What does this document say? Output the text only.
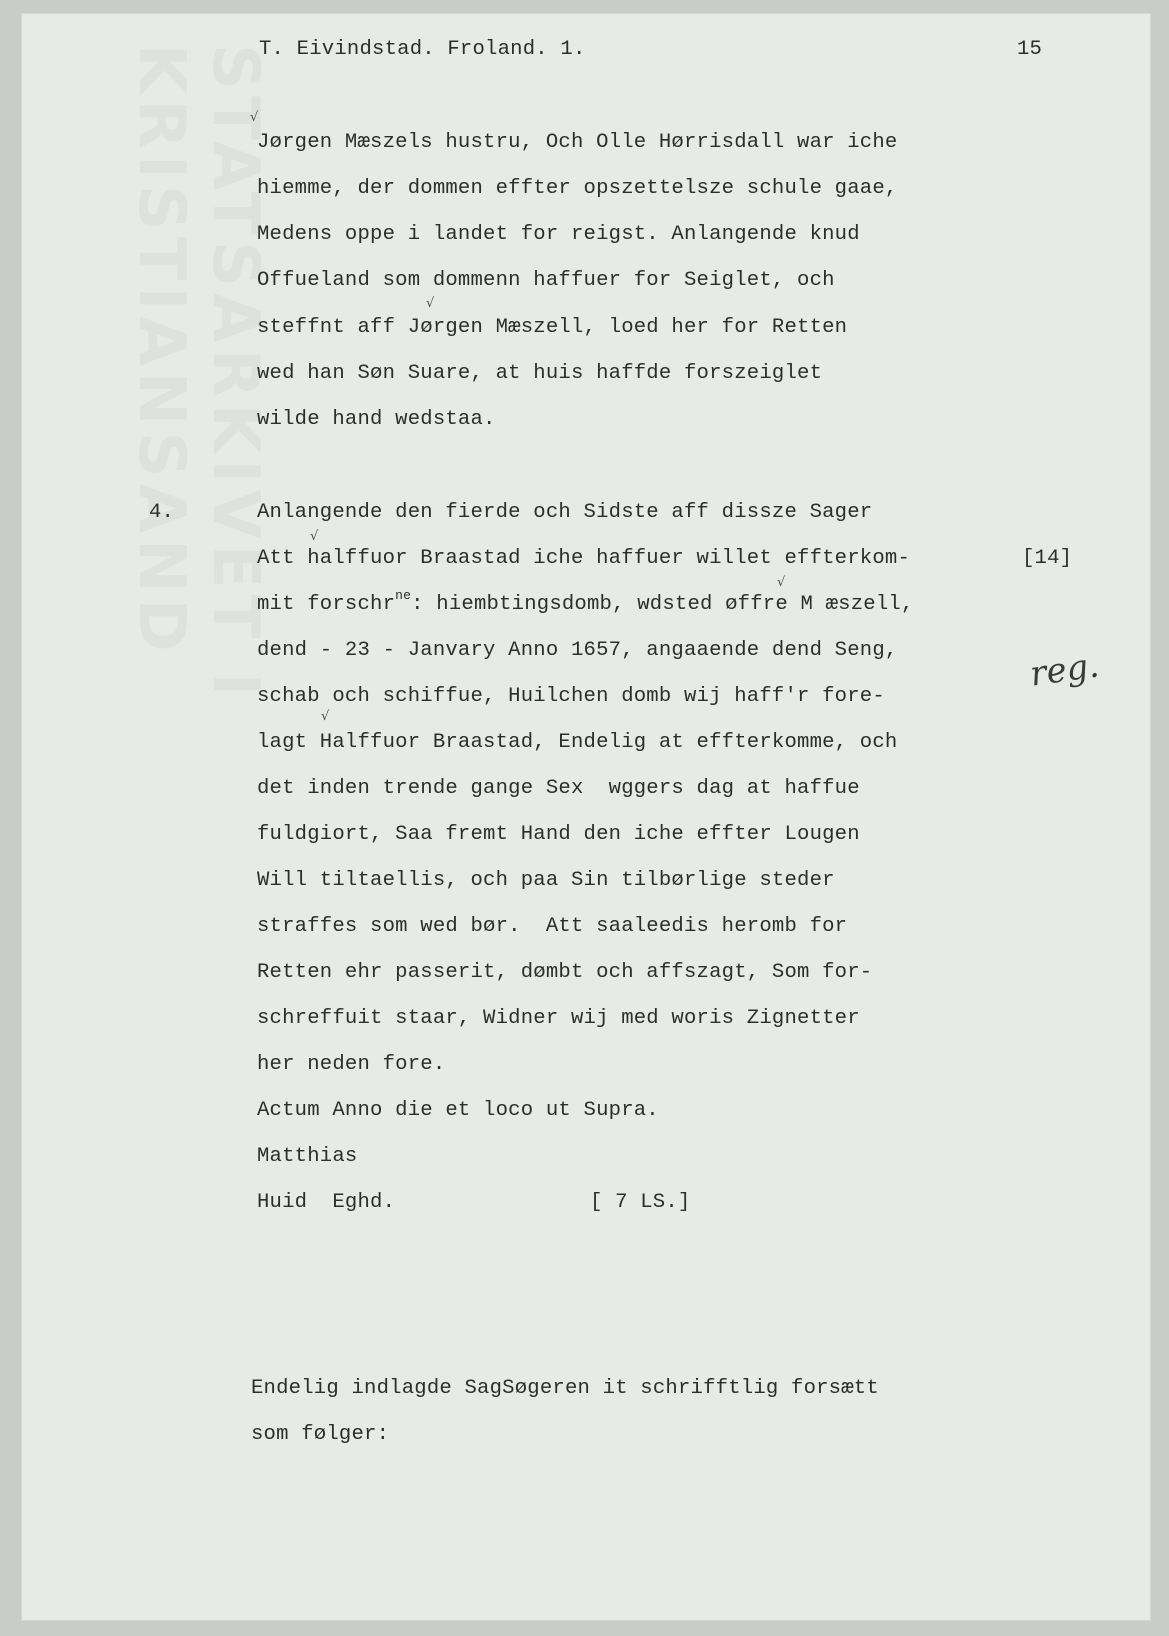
T. Eivindstad. Froland. 1.	15
√
√
√
√
√
Jørgen Mæszels hustru, Och Olle Hørrisdall war iche
hiemme, der dommen effter opszettelsze schule gaae,
Medens oppe i landet for reigst. Anlangende knud
Offueland som dommenn haffuer for Seiglet, och
steffnt aff Jørgen Mæszell, loed her for Retten
wed han Søn Suare, at huis haffde forszeiglet
wilde hand wedstaa.
4.	Anlangende den fierde och Sidste aff dissze Sager
Att halffuor Braastad iche haffuer willet effterkom-
mit forschr$^{ne}$: hiembtingsdomb, wdsted øffre M æszell,
dend - 23 - Janvary Anno 1657, angaaende dend Seng,
schab och schiffue, Huilchen domb wij haff'r fore-
lagt Halffuor Braastad, Endelig at effterkomme, och
det inden trende gange Sex  wggers dag at haffue
fuldgiort, Saa fremt Hand den iche effter Lougen
Will tiltaellis, och paa Sin tilbørlige steder
straffes som wed bør.  Att saaleedis heromb for
Retten ehr passerit, dømbt och affszagt, Som for-
schreffuit staar, Widner wij med woris Zignetter
her neden fore.
Actum Anno die et loco ut Supra.
Matthias
Huid  Eghd.	[ 7 LS.]
[14]
reg.
Endelig indlagde SagSøgeren it schrifftlig forsætt
som følger:
